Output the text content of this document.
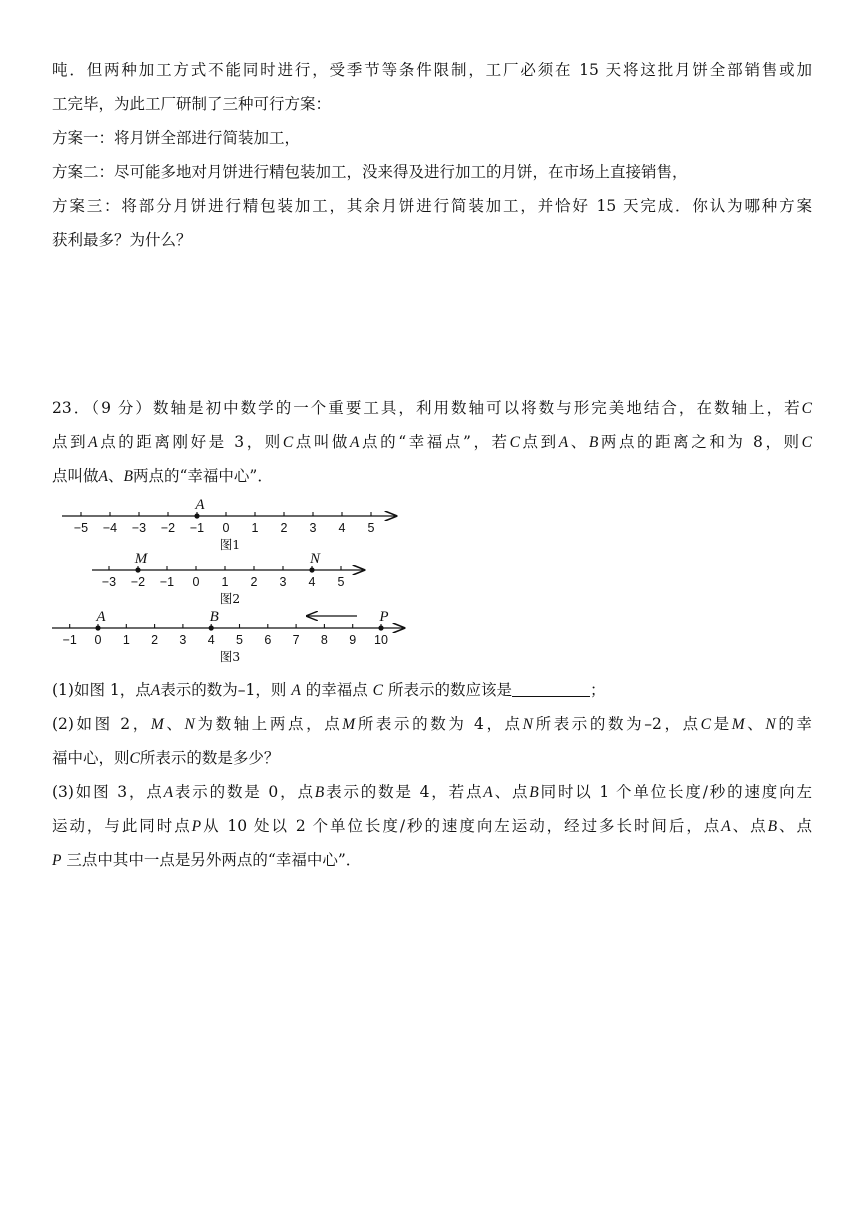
吨．但两种加工方式不能同时进行，受季节等条件限制，工厂必须在 15 天将这批月饼全部销售或加
工完毕，为此工厂研制了三种可行方案：
方案一：将月饼全部进行简装加工，
方案二：尽可能多地对月饼进行精包装加工，没来得及进行加工的月饼，在市场上直接销售，
方案三：将部分月饼进行精包装加工，其余月饼进行简装加工，并恰好 15 天完成．你认为哪种方案
获利最多？为什么？
23．（9 分）数轴是初中数学的一个重要工具，利用数轴可以将数与形完美地结合，在数轴上，若C
点到A点的距离刚好是 3，则C点叫做A点的“幸福点”，若C点到A、B两点的距离之和为 8，则C
点叫做A、B两点的“幸福中心”．
−5 −4 −3 −2 −1 0 1 2 3 4 5
A
图1
−3 −2 −1 0 1 2 3 4 5
M	N
图2
−1 0 1 2 3 4 5 6 7 8 9 10
A	B	P
图3
(1)如图 1，点A表示的数为–1，则 A 的幸福点 C 所表示的数应该是	；
(2)如图 2，M、N为数轴上两点，点M所表示的数为 4，点N所表示的数为–2，点C是M、N的幸
福中心，则C所表示的数是多少？
(3)如图 3，点A表示的数是 0，点B表示的数是 4，若点A、点B同时以 1 个单位长度/秒的速度向左
运动，与此同时点P从 10 处以 2 个单位长度/秒的速度向左运动，经过多长时间后，点A、点B、点
P 三点中其中一点是另外两点的“幸福中心”．
